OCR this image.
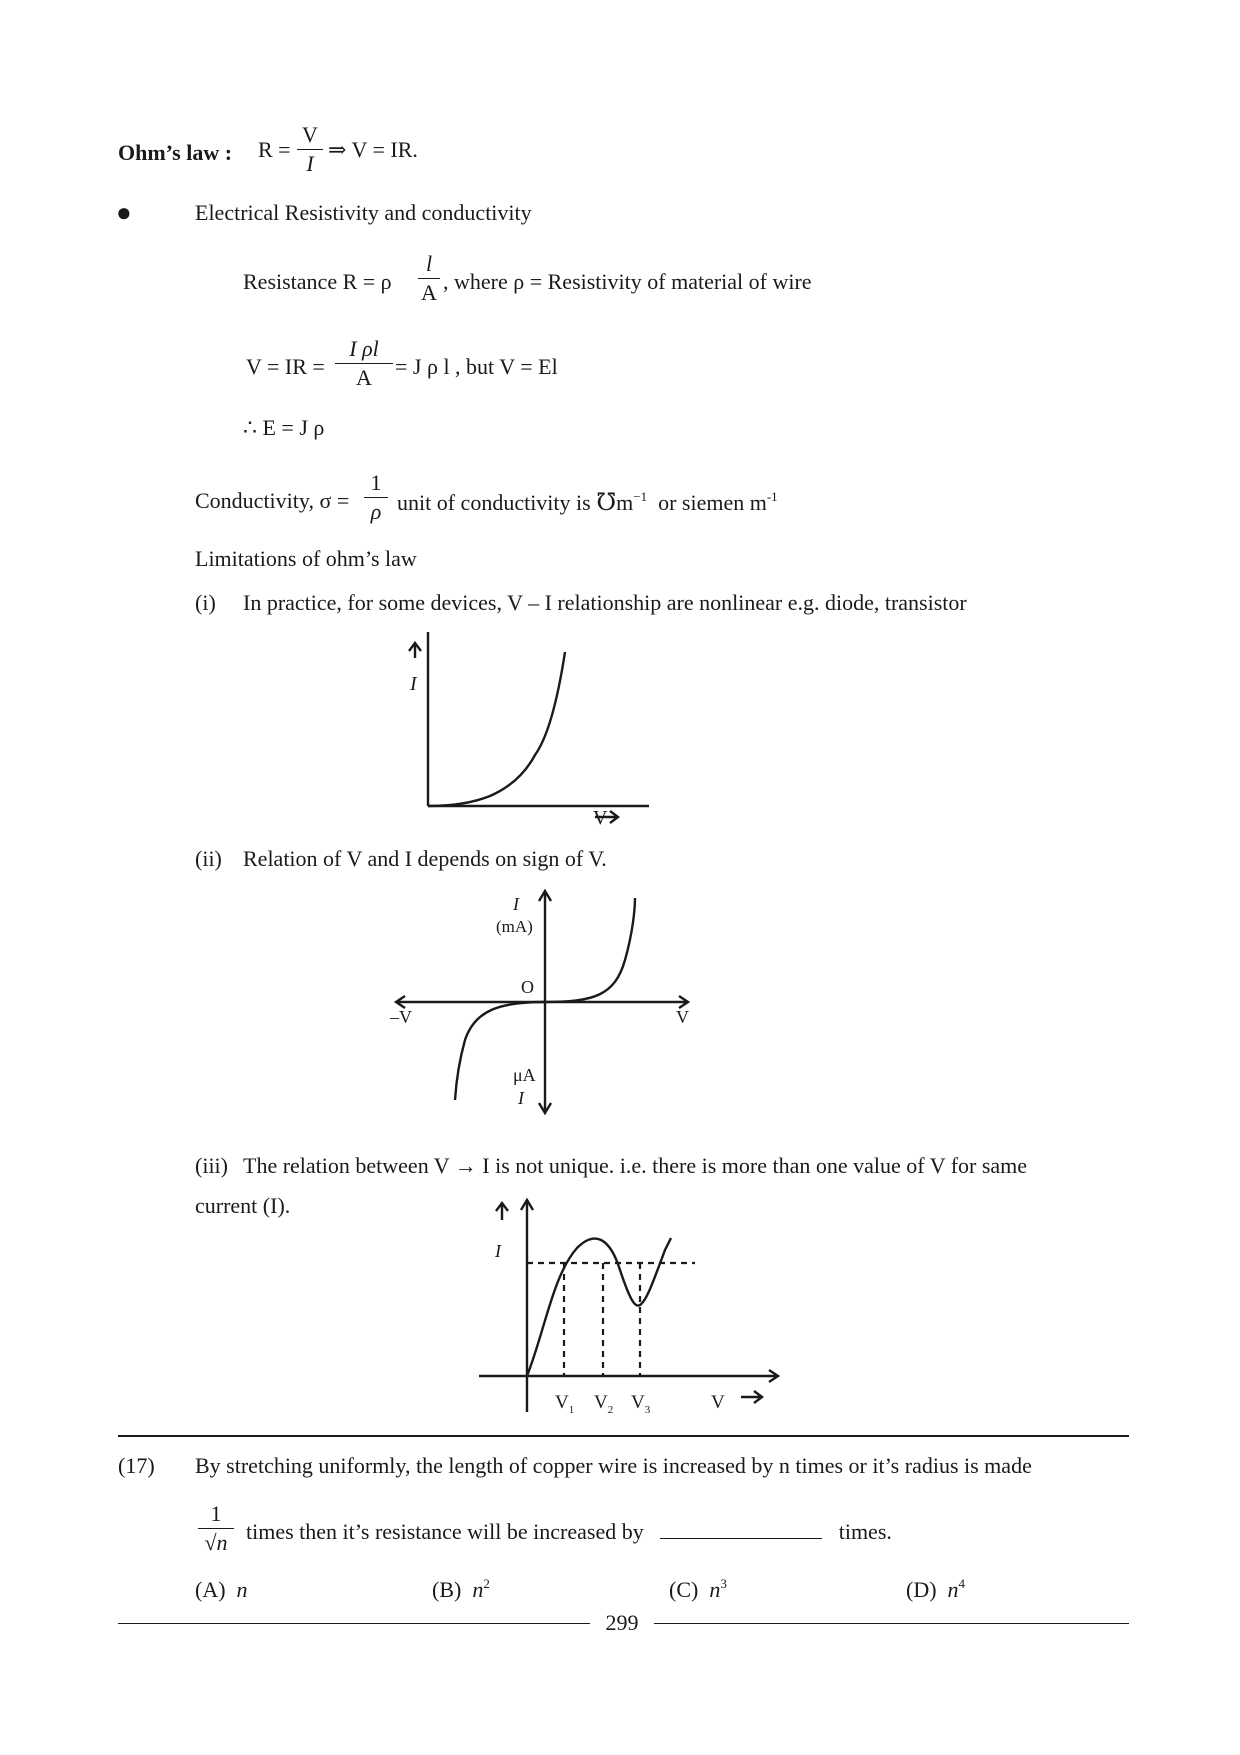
Ohm’s law : R =
V
I
⇒ V = IR.
●	Electrical Resistivity and conductivity
Resistance R = ρ
l
A , where ρ = Resistivity of material of wire
V = IR =
I ρl
A	= J ρ l , but V = El
∴ E = J ρ
Conductivity, σ =
1
ρ unit of conductivity is $℧m^{-1}$ or siemen $m^{-1}$
Limitations of ohm’s law
(i) In practice, for some devices, V – I relationship are nonlinear e.g. diode, transistor
I
V
(ii) Relation of V and I depends on sign of V.
I
(mA)
O
–V	V
μA
I
(iii) The relation between V → I is not unique. i.e. there is more than one value of V for same
current (I).
I
V
$V_1$ $V_2$ $V_3$
(17) By stretching uniformly, the length of copper wire is increased by n times or it’s radius is made
1
√n times then it’s resistance will be increased by	times.
(A) n	(B) $n^2$	(C) $n^3$	(D) $n^4$
299
